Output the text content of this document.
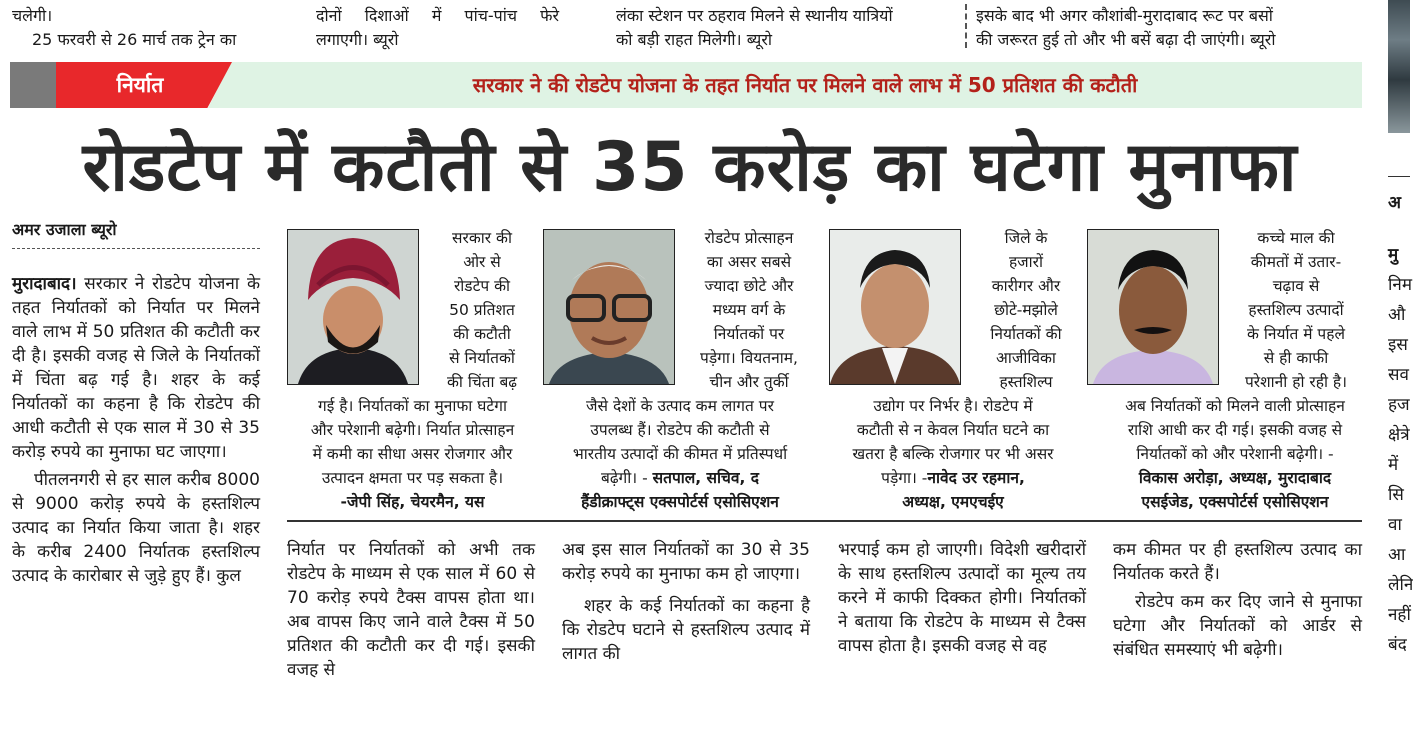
चलेगी।

25 फरवरी से 26 मार्च तक ट्रेन का

दोनों दिशाओं में पांच-पांच फेरे

लगाएगी। ब्यूरो

लंका स्टेशन पर ठहराव मिलने से स्थानीय यात्रियों

को बड़ी राहत मिलेगी। ब्यूरो

इसके बाद भी अगर कौशांबी-मुरादाबाद रूट पर बसों

की जरूरत हुई तो और भी बसें बढ़ा दी जाएंगी। ब्यूरो

अ
मु
निम
औ
इस
सव
हज
क्षेत्रे
में
सि
वा
आ
लेनि
नहीं
बंद
निर्यात	सरकार ने की रोडटेप योजना के तहत निर्यात पर मिलने वाले लाभ में 50 प्रतिशत की कटौती
रोडटेप में कटौती से 35 करोड़ का घटेगा मुनाफा
अमर उजाला ब्यूरो

मुरादाबाद। सरकार ने रोडटेप योजना के तहत निर्यातकों को निर्यात पर मिलने वाले लाभ में 50 प्रतिशत की कटौती कर दी है। इसकी वजह से जिले के निर्यातकों में चिंता बढ़ गई है। शहर के कई निर्यातकों का कहना है कि रोडटेप की आधी कटौती से एक साल में 30 से 35 करोड़ रुपये का मुनाफा घट जाएगा।

पीतलनगरी से हर साल करीब 8000 से 9000 करोड़ रुपये के हस्तशिल्प उत्पाद का निर्यात किया जाता है। शहर के करीब 2400 निर्यातक हस्तशिल्प उत्पाद के कारोबार से जुड़े हुए हैं। कुल

सरकार की

ओर से

रोडटेप की

50 प्रतिशत

की कटौती

से निर्यातकों

की चिंता बढ़

गई है। निर्यातकों का मुनाफा घटेगा

और परेशानी बढ़ेगी। निर्यात प्रोत्साहन

में कमी का सीधा असर रोजगार और

उत्पादन क्षमता पर पड़ सकता है।

-जेपी सिंह, चेयरमैन, यस

रोडटेप प्रोत्साहन

का असर सबसे

ज्यादा छोटे और

मध्यम वर्ग के

निर्यातकों पर

पड़ेगा। वियतनाम,

चीन और तुर्की

जैसे देशों के उत्पाद कम लागत पर

उपलब्ध हैं। रोडटेप की कटौती से

भारतीय उत्पादों की कीमत में प्रतिस्पर्धा

बढ़ेगी। - सतपाल, सचिव, द

हैंडीक्राफ्ट्स एक्सपोर्टर्स एसोसिएशन

जिले के

हजारों

कारीगर और

छोटे-मझोले

निर्यातकों की

आजीविका

हस्तशिल्प

उद्योग पर निर्भर है। रोडटेप में

कटौती से न केवल निर्यात घटने का

खतरा है बल्कि रोजगार पर भी असर

पड़ेगा। -नावेद उर रहमान,

अध्यक्ष, एमएचईए

कच्चे माल की

कीमतों में उतार-

चढ़ाव से

हस्तशिल्प उत्पादों

के निर्यात में पहले

से ही काफी

परेशानी हो रही है।

अब निर्यातकों को मिलने वाली प्रोत्साहन

राशि आधी कर दी गई। इसकी वजह से

निर्यातकों को और परेशानी बढ़ेगी। -

विकास अरोड़ा, अध्यक्ष, मुरादाबाद

एसईजेड, एक्सपोर्टर्स एसोसिएशन

निर्यात पर निर्यातकों को अभी तक रोडटेप के माध्यम से एक साल में 60 से 70 करोड़ रुपये टैक्स वापस होता था। अब वापस किए जाने वाले टैक्स में 50 प्रतिशत की कटौती कर दी गई। इसकी वजह से

अब इस साल निर्यातकों का 30 से 35 करोड़ रुपये का मुनाफा कम हो जाएगा।

शहर के कई निर्यातकों का कहना है कि रोडटेप घटाने से हस्तशिल्प उत्पाद में लागत की

भरपाई कम हो जाएगी। विदेशी खरीदारों के साथ हस्तशिल्प उत्पादों का मूल्य तय करने में काफी दिक्कत होगी। निर्यातकों ने बताया कि रोडटेप के माध्यम से टैक्स वापस होता है। इसकी वजह से वह

कम कीमत पर ही हस्तशिल्प उत्पाद का निर्यातक करते हैं।

रोडटेप कम कर दिए जाने से मुनाफा घटेगा और निर्यातकों को आर्डर से संबंधित समस्याएं भी बढ़ेगी।
